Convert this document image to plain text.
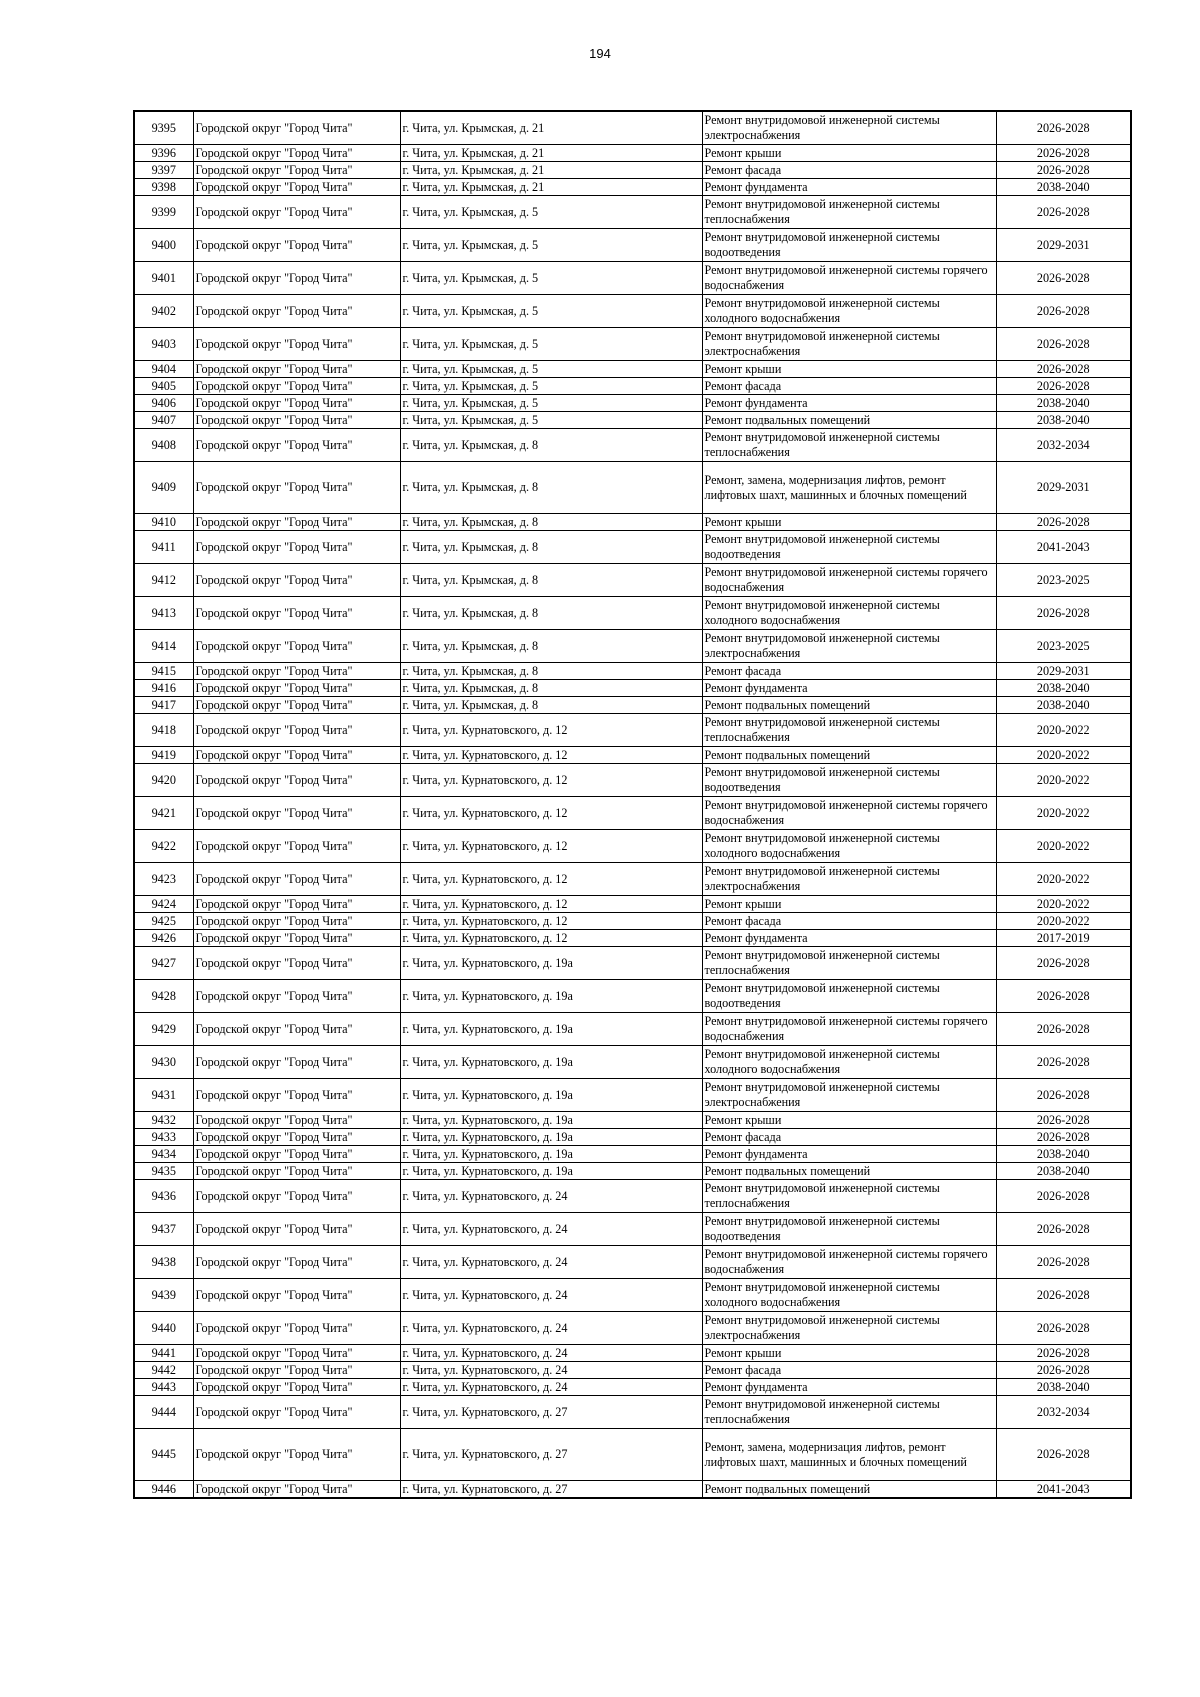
194
9395	Городской округ "Город Чита"	г. Чита, ул. Крымская, д. 21	Ремонт внутридомовой инженерной системы электроснабжения	2026-2028
9396	Городской округ "Город Чита"	г. Чита, ул. Крымская, д. 21	Ремонт крыши	2026-2028
9397	Городской округ "Город Чита"	г. Чита, ул. Крымская, д. 21	Ремонт фасада	2026-2028
9398	Городской округ "Город Чита"	г. Чита, ул. Крымская, д. 21	Ремонт фундамента	2038-2040
9399	Городской округ "Город Чита"	г. Чита, ул. Крымская, д. 5	Ремонт внутридомовой инженерной системы теплоснабжения	2026-2028
9400	Городской округ "Город Чита"	г. Чита, ул. Крымская, д. 5	Ремонт внутридомовой инженерной системы водоотведения	2029-2031
9401	Городской округ "Город Чита"	г. Чита, ул. Крымская, д. 5	Ремонт внутридомовой инженерной системы горячего водоснабжения	2026-2028
9402	Городской округ "Город Чита"	г. Чита, ул. Крымская, д. 5	Ремонт внутридомовой инженерной системы холодного водоснабжения	2026-2028
9403	Городской округ "Город Чита"	г. Чита, ул. Крымская, д. 5	Ремонт внутридомовой инженерной системы электроснабжения	2026-2028
9404	Городской округ "Город Чита"	г. Чита, ул. Крымская, д. 5	Ремонт крыши	2026-2028
9405	Городской округ "Город Чита"	г. Чита, ул. Крымская, д. 5	Ремонт фасада	2026-2028
9406	Городской округ "Город Чита"	г. Чита, ул. Крымская, д. 5	Ремонт фундамента	2038-2040
9407	Городской округ "Город Чита"	г. Чита, ул. Крымская, д. 5	Ремонт подвальных помещений	2038-2040
9408	Городской округ "Город Чита"	г. Чита, ул. Крымская, д. 8	Ремонт внутридомовой инженерной системы теплоснабжения	2032-2034
9409	Городской округ "Город Чита"	г. Чита, ул. Крымская, д. 8	Ремонт, замена, модернизация лифтов, ремонт лифтовых шахт, машинных и блочных помещений	2029-2031
9410	Городской округ "Город Чита"	г. Чита, ул. Крымская, д. 8	Ремонт крыши	2026-2028
9411	Городской округ "Город Чита"	г. Чита, ул. Крымская, д. 8	Ремонт внутридомовой инженерной системы водоотведения	2041-2043
9412	Городской округ "Город Чита"	г. Чита, ул. Крымская, д. 8	Ремонт внутридомовой инженерной системы горячего водоснабжения	2023-2025
9413	Городской округ "Город Чита"	г. Чита, ул. Крымская, д. 8	Ремонт внутридомовой инженерной системы холодного водоснабжения	2026-2028
9414	Городской округ "Город Чита"	г. Чита, ул. Крымская, д. 8	Ремонт внутридомовой инженерной системы электроснабжения	2023-2025
9415	Городской округ "Город Чита"	г. Чита, ул. Крымская, д. 8	Ремонт фасада	2029-2031
9416	Городской округ "Город Чита"	г. Чита, ул. Крымская, д. 8	Ремонт фундамента	2038-2040
9417	Городской округ "Город Чита"	г. Чита, ул. Крымская, д. 8	Ремонт подвальных помещений	2038-2040
9418	Городской округ "Город Чита"	г. Чита, ул. Курнатовского, д. 12	Ремонт внутридомовой инженерной системы теплоснабжения	2020-2022
9419	Городской округ "Город Чита"	г. Чита, ул. Курнатовского, д. 12	Ремонт подвальных помещений	2020-2022
9420	Городской округ "Город Чита"	г. Чита, ул. Курнатовского, д. 12	Ремонт внутридомовой инженерной системы водоотведения	2020-2022
9421	Городской округ "Город Чита"	г. Чита, ул. Курнатовского, д. 12	Ремонт внутридомовой инженерной системы горячего водоснабжения	2020-2022
9422	Городской округ "Город Чита"	г. Чита, ул. Курнатовского, д. 12	Ремонт внутридомовой инженерной системы холодного водоснабжения	2020-2022
9423	Городской округ "Город Чита"	г. Чита, ул. Курнатовского, д. 12	Ремонт внутридомовой инженерной системы электроснабжения	2020-2022
9424	Городской округ "Город Чита"	г. Чита, ул. Курнатовского, д. 12	Ремонт крыши	2020-2022
9425	Городской округ "Город Чита"	г. Чита, ул. Курнатовского, д. 12	Ремонт фасада	2020-2022
9426	Городской округ "Город Чита"	г. Чита, ул. Курнатовского, д. 12	Ремонт фундамента	2017-2019
9427	Городской округ "Город Чита"	г. Чита, ул. Курнатовского, д. 19а	Ремонт внутридомовой инженерной системы теплоснабжения	2026-2028
9428	Городской округ "Город Чита"	г. Чита, ул. Курнатовского, д. 19а	Ремонт внутридомовой инженерной системы водоотведения	2026-2028
9429	Городской округ "Город Чита"	г. Чита, ул. Курнатовского, д. 19а	Ремонт внутридомовой инженерной системы горячего водоснабжения	2026-2028
9430	Городской округ "Город Чита"	г. Чита, ул. Курнатовского, д. 19а	Ремонт внутридомовой инженерной системы холодного водоснабжения	2026-2028
9431	Городской округ "Город Чита"	г. Чита, ул. Курнатовского, д. 19а	Ремонт внутридомовой инженерной системы электроснабжения	2026-2028
9432	Городской округ "Город Чита"	г. Чита, ул. Курнатовского, д. 19а	Ремонт крыши	2026-2028
9433	Городской округ "Город Чита"	г. Чита, ул. Курнатовского, д. 19а	Ремонт фасада	2026-2028
9434	Городской округ "Город Чита"	г. Чита, ул. Курнатовского, д. 19а	Ремонт фундамента	2038-2040
9435	Городской округ "Город Чита"	г. Чита, ул. Курнатовского, д. 19а	Ремонт подвальных помещений	2038-2040
9436	Городской округ "Город Чита"	г. Чита, ул. Курнатовского, д. 24	Ремонт внутридомовой инженерной системы теплоснабжения	2026-2028
9437	Городской округ "Город Чита"	г. Чита, ул. Курнатовского, д. 24	Ремонт внутридомовой инженерной системы водоотведения	2026-2028
9438	Городской округ "Город Чита"	г. Чита, ул. Курнатовского, д. 24	Ремонт внутридомовой инженерной системы горячего водоснабжения	2026-2028
9439	Городской округ "Город Чита"	г. Чита, ул. Курнатовского, д. 24	Ремонт внутридомовой инженерной системы холодного водоснабжения	2026-2028
9440	Городской округ "Город Чита"	г. Чита, ул. Курнатовского, д. 24	Ремонт внутридомовой инженерной системы электроснабжения	2026-2028
9441	Городской округ "Город Чита"	г. Чита, ул. Курнатовского, д. 24	Ремонт крыши	2026-2028
9442	Городской округ "Город Чита"	г. Чита, ул. Курнатовского, д. 24	Ремонт фасада	2026-2028
9443	Городской округ "Город Чита"	г. Чита, ул. Курнатовского, д. 24	Ремонт фундамента	2038-2040
9444	Городской округ "Город Чита"	г. Чита, ул. Курнатовского, д. 27	Ремонт внутридомовой инженерной системы теплоснабжения	2032-2034
9445	Городской округ "Город Чита"	г. Чита, ул. Курнатовского, д. 27	Ремонт, замена, модернизация лифтов, ремонт лифтовых шахт, машинных и блочных помещений	2026-2028
9446	Городской округ "Город Чита"	г. Чита, ул. Курнатовского, д. 27	Ремонт подвальных помещений	2041-2043
